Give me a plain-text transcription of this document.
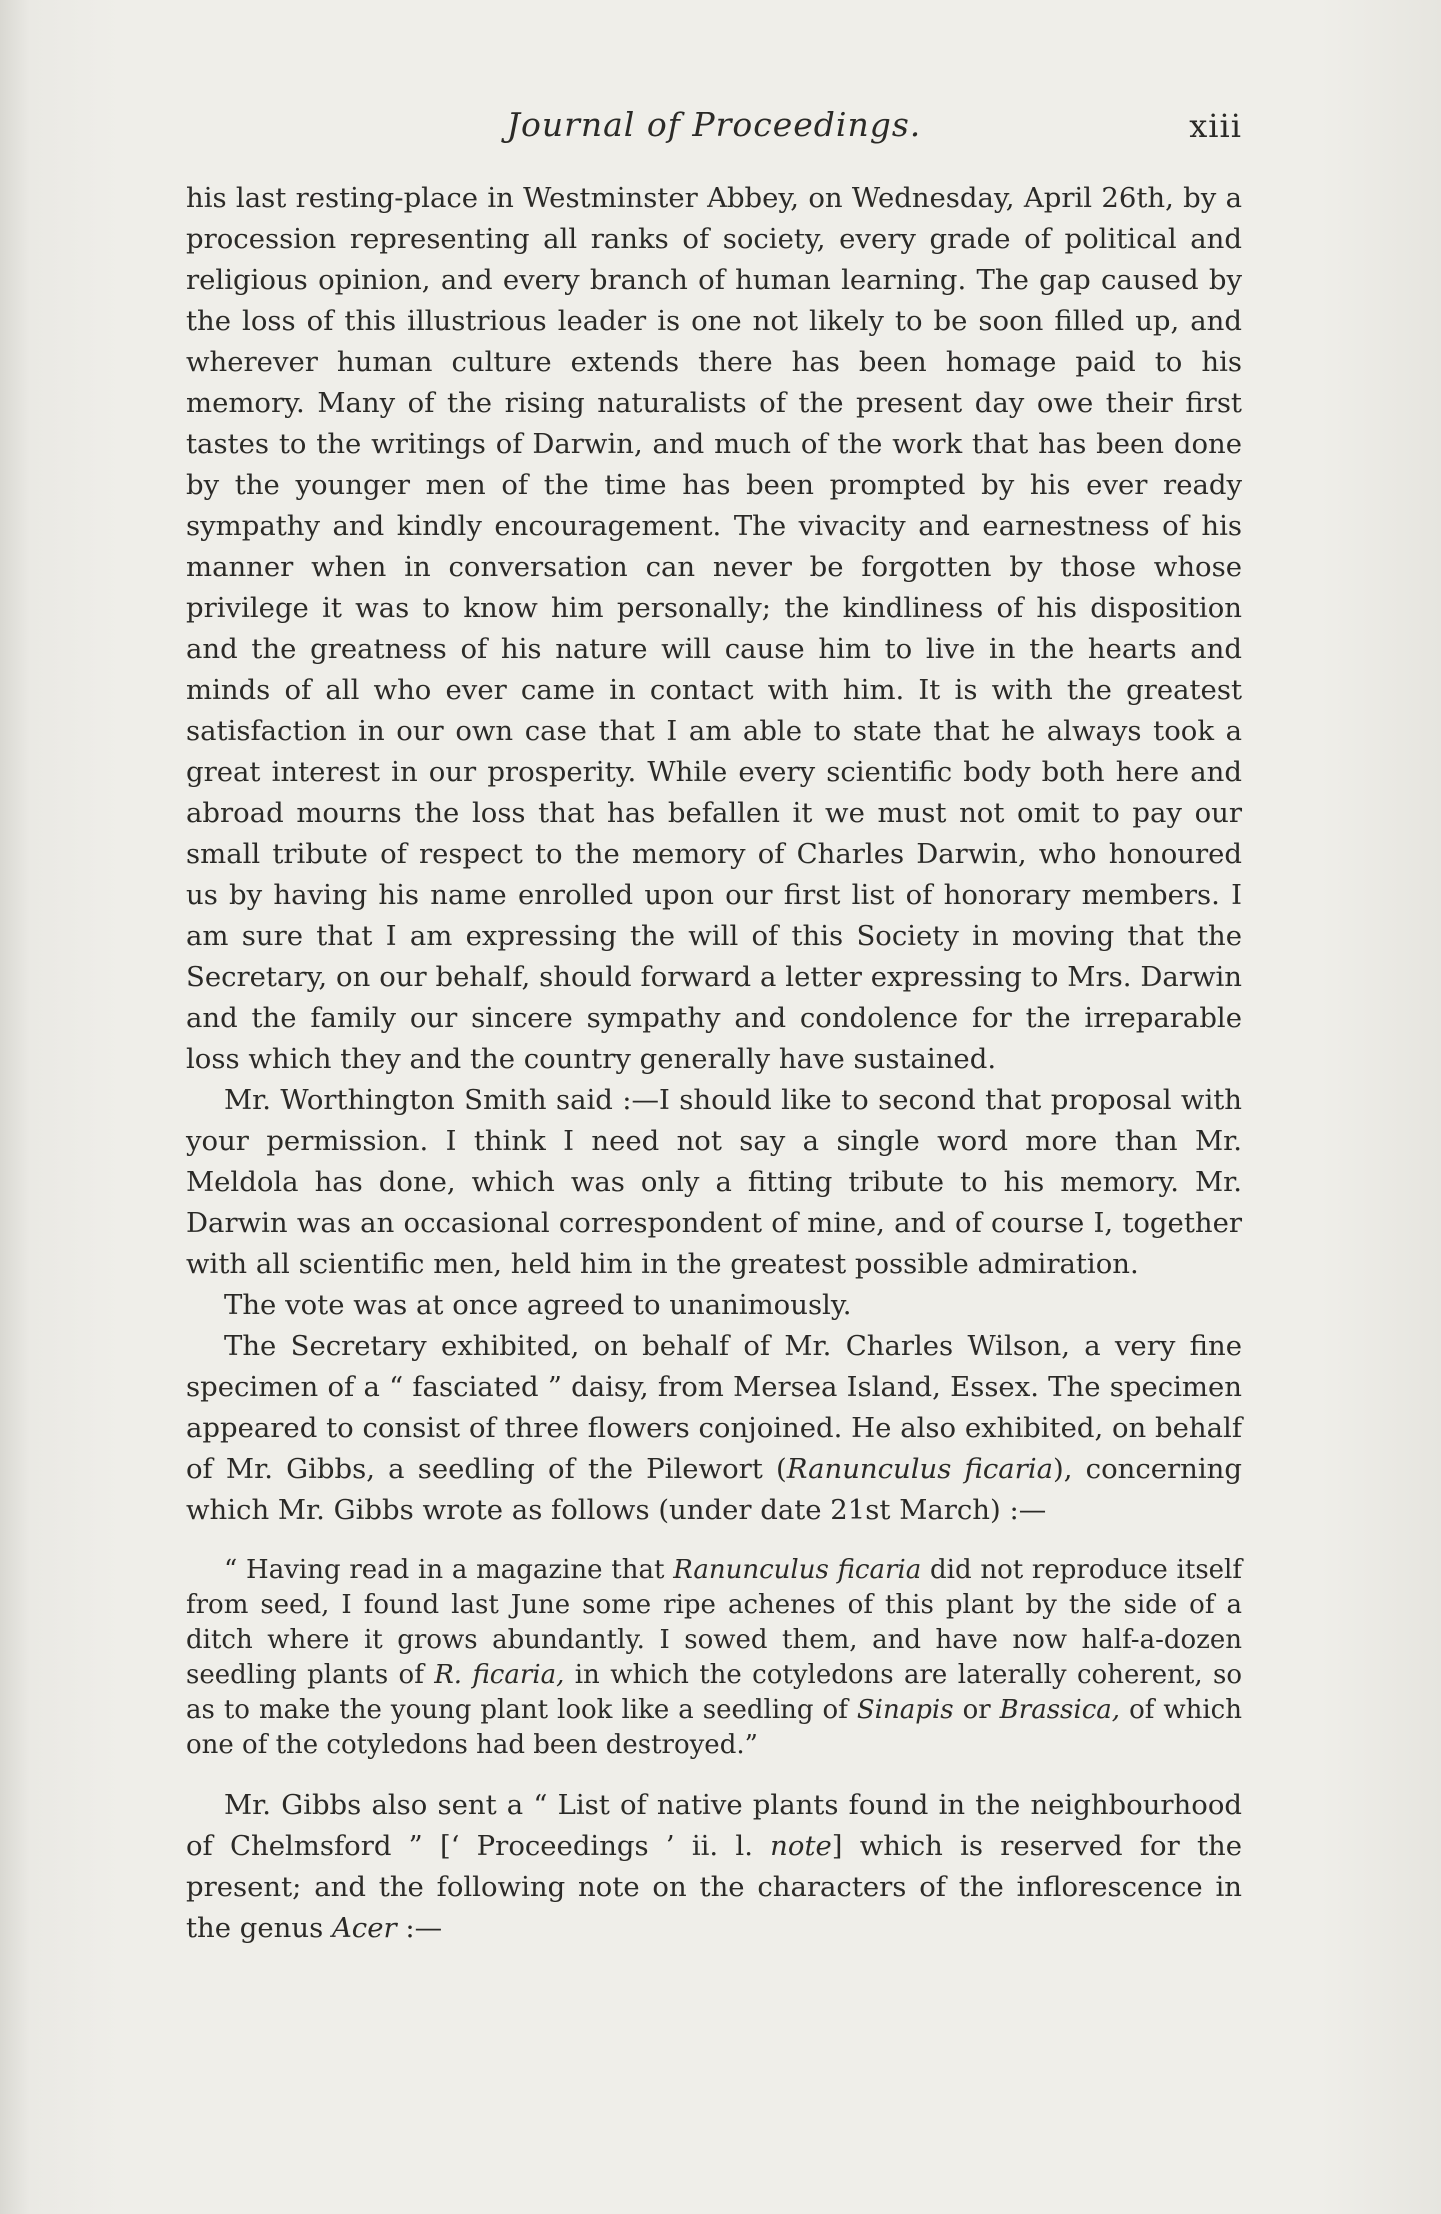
Journal of Proceedings.	xiii

his last resting-place in Westminster Abbey, on Wednesday, April 26th, by a procession representing all ranks of society, every grade of political and religious opinion, and every branch of human learning. The gap caused by the loss of this illustrious leader is one not likely to be soon filled up, and wherever human culture extends there has been homage paid to his memory. Many of the rising naturalists of the present day owe their first tastes to the writings of Darwin, and much of the work that has been done by the younger men of the time has been prompted by his ever ready sympathy and kindly encouragement. The vivacity and earnestness of his manner when in conversation can never be forgotten by those whose privilege it was to know him personally; the kindliness of his disposition and the greatness of his nature will cause him to live in the hearts and minds of all who ever came in contact with him. It is with the greatest satisfaction in our own case that I am able to state that he always took a great interest in our prosperity. While every scientific body both here and abroad mourns the loss that has befallen it we must not omit to pay our small tribute of respect to the memory of Charles Darwin, who honoured us by having his name enrolled upon our first list of honorary members. I am sure that I am expressing the will of this Society in moving that the Secretary, on our behalf, should forward a letter expressing to Mrs. Darwin and the family our sincere sympathy and condolence for the irreparable loss which they and the country generally have sustained.

Mr. Worthington Smith said :—I should like to second that proposal with your permission. I think I need not say a single word more than Mr. Meldola has done, which was only a fitting tribute to his memory. Mr. Darwin was an occasional correspondent of mine, and of course I, together with all scientific men, held him in the greatest possible admiration.

The vote was at once agreed to unanimously.

The Secretary exhibited, on behalf of Mr. Charles Wilson, a very fine specimen of a “ fasciated ” daisy, from Mersea Island, Essex. The specimen appeared to consist of three flowers conjoined. He also exhibited, on behalf of Mr. Gibbs, a seedling of the Pilewort (Ranunculus ficaria), concerning which Mr. Gibbs wrote as follows (under date 21st March) :—

“ Having read in a magazine that Ranunculus ficaria did not reproduce itself from seed, I found last June some ripe achenes of this plant by the side of a ditch where it grows abundantly. I sowed them, and have now half-a-dozen seedling plants of R. ficaria, in which the cotyledons are laterally coherent, so as to make the young plant look like a seedling of Sinapis or Brassica, of which one of the cotyledons had been destroyed.”

Mr. Gibbs also sent a “ List of native plants found in the neighbourhood of Chelmsford ” [‘ Proceedings ’ ii. l. note] which is reserved for the present; and the following note on the characters of the inflorescence in the genus Acer :—
